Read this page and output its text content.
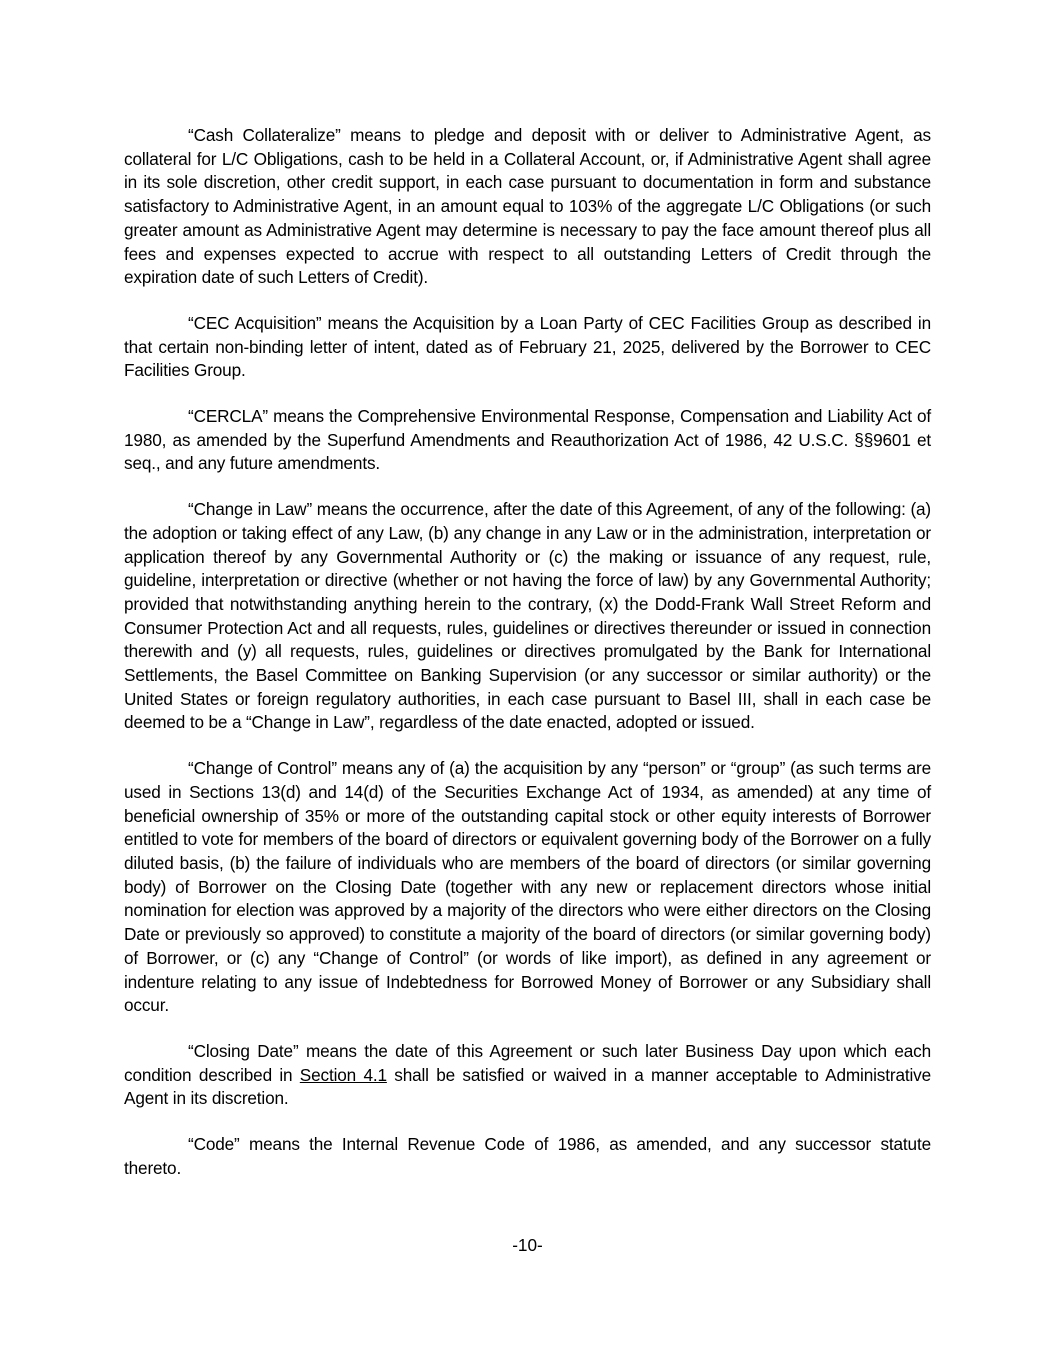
“Cash Collateralize” means to pledge and deposit with or deliver to Administrative Agent, as collateral for L/C Obligations, cash to be held in a Collateral Account, or, if Administrative Agent shall agree in its sole discretion, other credit support, in each case pursuant to documentation in form and substance satisfactory to Administrative Agent, in an amount equal to 103% of the aggregate L/C Obligations (or such greater amount as Administrative Agent may determine is necessary to pay the face amount thereof plus all fees and expenses expected to accrue with respect to all outstanding Letters of Credit through the expiration date of such Letters of Credit).

“CEC Acquisition” means the Acquisition by a Loan Party of CEC Facilities Group as described in that certain non-binding letter of intent, dated as of February 21, 2025, delivered by the Borrower to CEC Facilities Group.

“CERCLA” means the Comprehensive Environmental Response, Compensation and Liability Act of 1980, as amended by the Superfund Amendments and Reauthorization Act of 1986, 42 U.S.C. §§9601 et seq., and any future amendments.

“Change in Law” means the occurrence, after the date of this Agreement, of any of the following: (a) the adoption or taking effect of any Law, (b) any change in any Law or in the administration, interpretation or application thereof by any Governmental Authority or (c) the making or issuance of any request, rule, guideline, interpretation or directive (whether or not having the force of law) by any Governmental Authority; provided that notwithstanding anything herein to the contrary, (x) the Dodd-Frank Wall Street Reform and Consumer Protection Act and all requests, rules, guidelines or directives thereunder or issued in connection therewith and (y) all requests, rules, guidelines or directives promulgated by the Bank for International Settlements, the Basel Committee on Banking Supervision (or any successor or similar authority) or the United States or foreign regulatory authorities, in each case pursuant to Basel III, shall in each case be deemed to be a “Change in Law”, regardless of the date enacted, adopted or issued.

“Change of Control” means any of (a) the acquisition by any “person” or “group” (as such terms are used in Sections 13(d) and 14(d) of the Securities Exchange Act of 1934, as amended) at any time of beneficial ownership of 35% or more of the outstanding capital stock or other equity interests of Borrower entitled to vote for members of the board of directors or equivalent governing body of the Borrower on a fully diluted basis, (b) the failure of individuals who are members of the board of directors (or similar governing body) of Borrower on the Closing Date (together with any new or replacement directors whose initial nomination for election was approved by a majority of the directors who were either directors on the Closing Date or previously so approved) to constitute a majority of the board of directors (or similar governing body) of Borrower, or (c) any “Change of Control” (or words of like import), as defined in any agreement or indenture relating to any issue of Indebtedness for Borrowed Money of Borrower or any Subsidiary shall occur.

“Closing Date” means the date of this Agreement or such later Business Day upon which each condition described in Section 4.1 shall be satisfied or waived in a manner acceptable to Administrative Agent in its discretion.

“Code” means the Internal Revenue Code of 1986, as amended, and any successor statute thereto.

-10-
